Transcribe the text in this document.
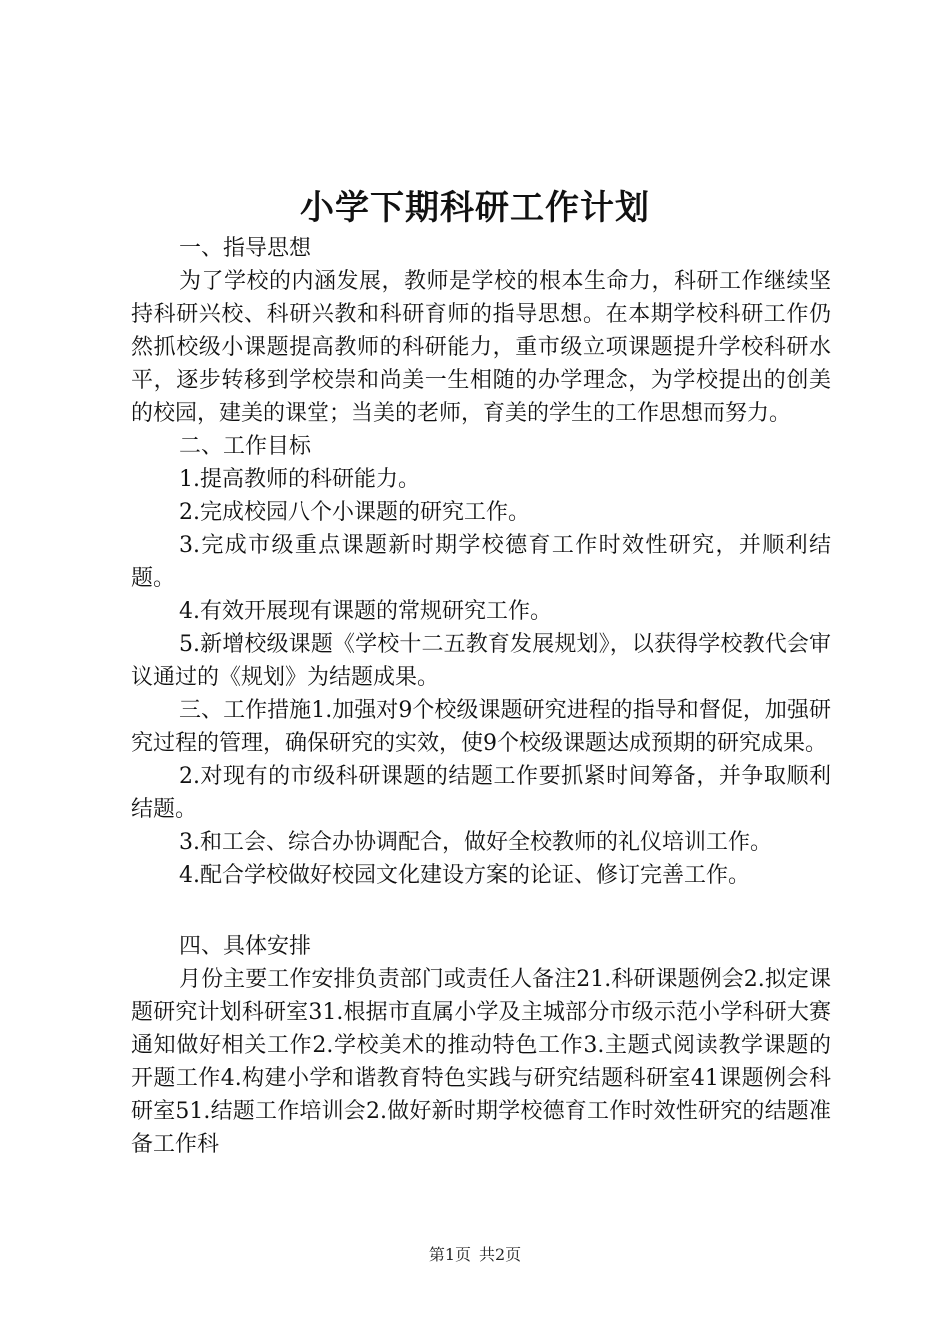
小学下期科研工作计划

一、指导思想

为了学校的内涵发展，教师是学校的根本生命力，科研工作继续坚持科研兴校、科研兴教和科研育师的指导思想。在本期学校科研工作仍然抓校级小课题提高教师的科研能力，重市级立项课题提升学校科研水平，逐步转移到学校崇和尚美一生相随的办学理念，为学校提出的创美的校园，建美的课堂；当美的老师，育美的学生的工作思想而努力。

二、工作目标

1.提高教师的科研能力。

2.完成校园八个小课题的研究工作。

3.完成市级重点课题新时期学校德育工作时效性研究，并顺利结题。

4.有效开展现有课题的常规研究工作。

5.新增校级课题《学校十二五教育发展规划》，以获得学校教代会审议通过的《规划》为结题成果。

三、工作措施1.加强对9个校级课题研究进程的指导和督促，加强研究过程的管理，确保研究的实效，使9个校级课题达成预期的研究成果。

2.对现有的市级科研课题的结题工作要抓紧时间筹备，并争取顺利结题。

3.和工会、综合办协调配合，做好全校教师的礼仪培训工作。

4.配合学校做好校园文化建设方案的论证、修订完善工作。

四、具体安排

月份主要工作安排负责部门或责任人备注21.科研课题例会2.拟定课题研究计划科研室31.根据市直属小学及主城部分市级示范小学科研大赛通知做好相关工作2.学校美术的推动特色工作3.主题式阅读教学课题的开题工作4.构建小学和谐教育特色实践与研究结题科研室41课题例会科研室51.结题工作培训会2.做好新时期学校德育工作时效性研究的结题准备工作科

第1页 共2页
